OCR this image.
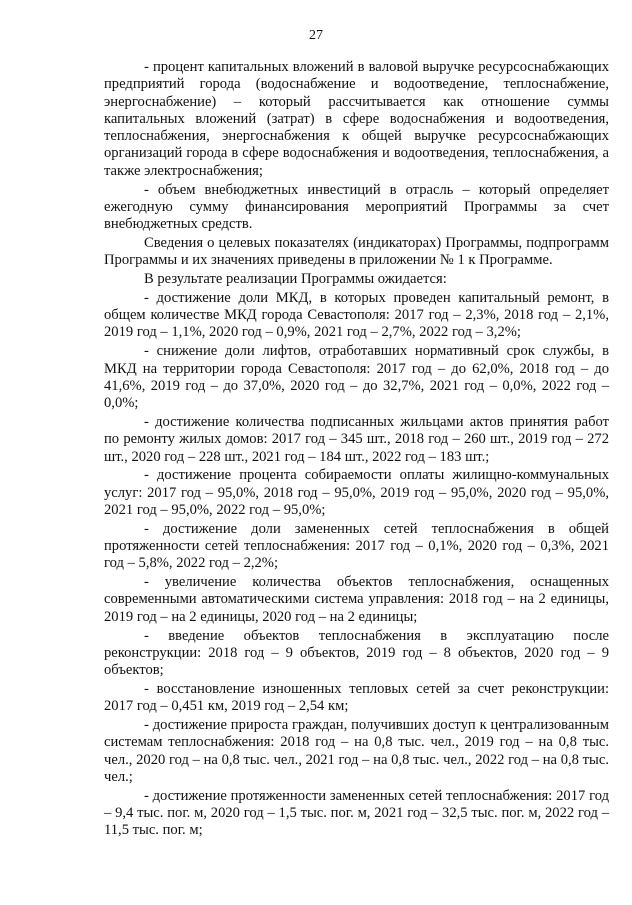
27

- процент капитальных вложений в валовой выручке ресурсоснабжающих предприятий города (водоснабжение и водоотведение, теплоснабжение, энергоснабжение) – который рассчитывается как отношение суммы капитальных вложений (затрат) в сфере водоснабжения и водоотведения, теплоснабжения, энергоснабжения к общей выручке ресурсоснабжающих организаций города в сфере водоснабжения и водоотведения, теплоснабжения, а также электроснабжения;

- объем внебюджетных инвестиций в отрасль – который определяет ежегодную сумму финансирования мероприятий Программы за счет внебюджетных средств.

Сведения о целевых показателях (индикаторах) Программы, подпрограмм Программы и их значениях приведены в приложении № 1 к Программе.

В результате реализации Программы ожидается:

- достижение доли МКД, в которых проведен капитальный ремонт, в общем количестве МКД города Севастополя: 2017 год – 2,3%, 2018 год – 2,1%, 2019 год – 1,1%, 2020 год – 0,9%, 2021 год – 2,7%, 2022 год – 3,2%;

- снижение доли лифтов, отработавших нормативный срок службы, в МКД на территории города Севастополя: 2017 год – до 62,0%, 2018 год – до 41,6%, 2019 год – до 37,0%, 2020 год – до 32,7%, 2021 год – 0,0%, 2022 год – 0,0%;

- достижение количества подписанных жильцами актов принятия работ по ремонту жилых домов: 2017 год – 345 шт., 2018 год – 260 шт., 2019 год – 272 шт., 2020 год – 228 шт., 2021 год – 184 шт., 2022 год – 183 шт.;

- достижение процента собираемости оплаты жилищно-коммунальных услуг: 2017 год – 95,0%, 2018 год – 95,0%, 2019 год – 95,0%, 2020 год – 95,0%, 2021 год – 95,0%, 2022 год – 95,0%;

- достижение доли замененных сетей теплоснабжения в общей протяженности сетей теплоснабжения: 2017 год – 0,1%, 2020 год – 0,3%, 2021 год – 5,8%, 2022 год – 2,2%;

- увеличение количества объектов теплоснабжения, оснащенных современными автоматическими система управления: 2018 год – на 2 единицы, 2019 год – на 2 единицы, 2020 год – на 2 единицы;

- введение объектов теплоснабжения в эксплуатацию после реконструкции: 2018 год – 9 объектов, 2019 год – 8 объектов, 2020 год – 9 объектов;

- восстановление изношенных тепловых сетей за счет реконструкции: 2017 год – 0,451 км, 2019 год – 2,54 км;

- достижение прироста граждан, получивших доступ к централизованным системам теплоснабжения: 2018 год – на 0,8 тыс. чел., 2019 год – на 0,8 тыс. чел., 2020 год – на 0,8 тыс. чел., 2021 год – на 0,8 тыс. чел., 2022 год – на 0,8 тыс. чел.;

- достижение протяженности замененных сетей теплоснабжения: 2017 год – 9,4 тыс. пог. м, 2020 год – 1,5 тыс. пог. м, 2021 год – 32,5 тыс. пог. м, 2022 год – 11,5 тыс. пог. м;
